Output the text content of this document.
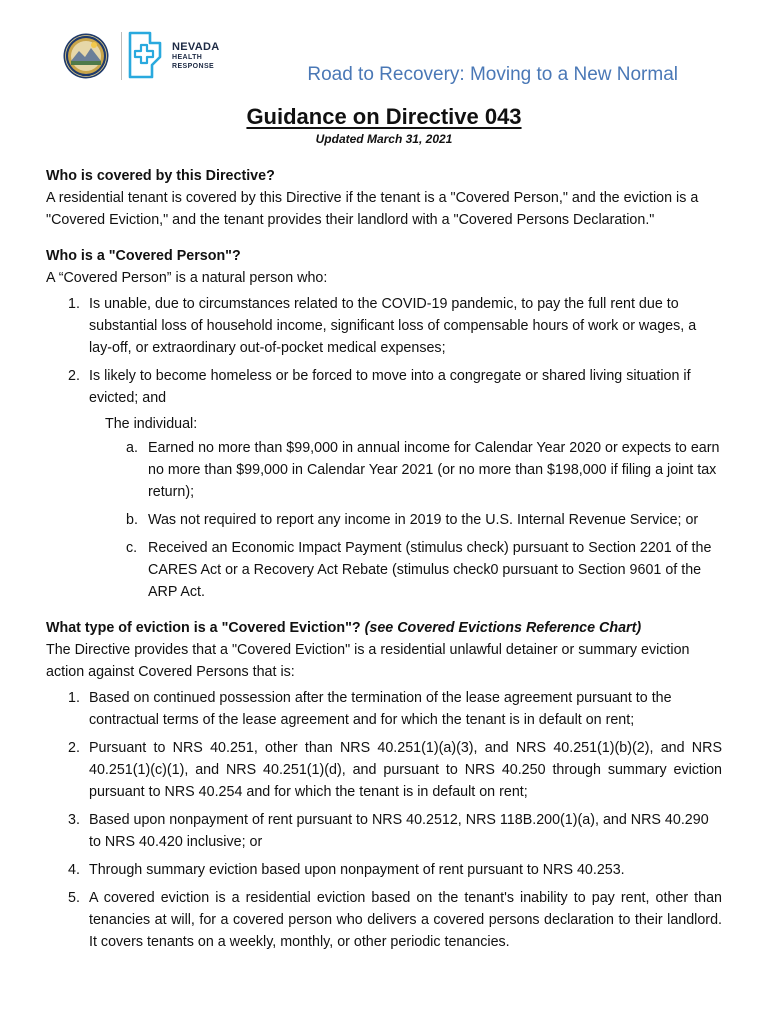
NEVADA
HEALTH
RESPONSE	Road to Recovery: Moving to a New Normal
Guidance on Directive 043
Updated March 31, 2021

Who is covered by this Directive?

A residential tenant is covered by this Directive if the tenant is a "Covered Person," and the eviction is a "Covered Eviction," and the tenant provides their landlord with a "Covered Persons Declaration."

Who is a "Covered Person"?

A “Covered Person” is a natural person who:

1. Is unable, due to circumstances related to the COVID-19 pandemic, to pay the full rent due to substantial loss of household income, significant loss of compensable hours of work or wages, a lay-off, or extraordinary out-of-pocket medical expenses;
2. Is likely to become homeless or be forced to move into a congregate or shared living situation if evicted; and

The individual:

a. Earned no more than $99,000 in annual income for Calendar Year 2020 or expects to earn no more than $99,000 in Calendar Year 2021 (or no more than $198,000 if filing a joint tax return);
b. Was not required to report any income in 2019 to the U.S. Internal Revenue Service; or
c. Received an Economic Impact Payment (stimulus check) pursuant to Section 2201 of the CARES Act or a Recovery Act Rebate (stimulus check0 pursuant to Section 9601 of the ARP Act.

What type of eviction is a "Covered Eviction"? (see Covered Evictions Reference Chart)

The Directive provides that a "Covered Eviction" is a residential unlawful detainer or summary eviction action against Covered Persons that is:

1. Based on continued possession after the termination of the lease agreement pursuant to the contractual terms of the lease agreement and for which the tenant is in default on rent;
2. Pursuant to NRS 40.251, other than NRS 40.251(1)(a)(3), and NRS 40.251(1)(b)(2), and NRS 40.251(1)(c)(1), and NRS 40.251(1)(d), and pursuant to NRS 40.250 through summary eviction pursuant to NRS 40.254 and for which the tenant is in default on rent;
3. Based upon nonpayment of rent pursuant to NRS 40.2512, NRS 118B.200(1)(a), and NRS 40.290 to NRS 40.420 inclusive; or
4. Through summary eviction based upon nonpayment of rent pursuant to NRS 40.253.
5. A covered eviction is a residential eviction based on the tenant's inability to pay rent, other than tenancies at will, for a covered person who delivers a covered persons declaration to their landlord. It covers tenants on a weekly, monthly, or other periodic tenancies.
